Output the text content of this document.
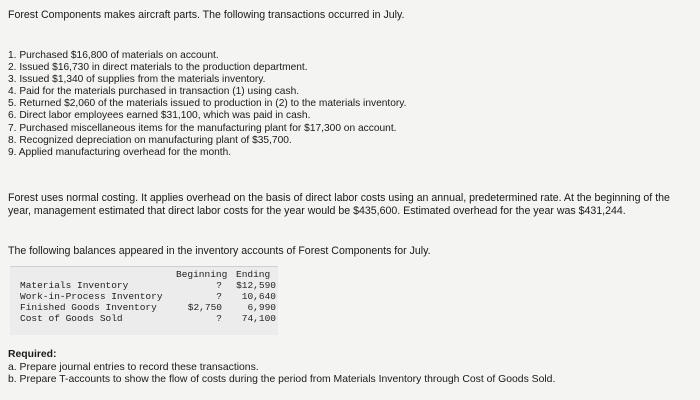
Forest Components makes aircraft parts. The following transactions occurred in July.

1. Purchased $16,800 of materials on account.
2. Issued $16,730 in direct materials to the production department.
3. Issued $1,340 of supplies from the materials inventory.
4. Paid for the materials purchased in transaction (1) using cash.
5. Returned $2,060 of the materials issued to production in (2) to the materials inventory.
6. Direct labor employees earned $31,100, which was paid in cash.
7. Purchased miscellaneous items for the manufacturing plant for $17,300 on account.
8. Recognized depreciation on manufacturing plant of $35,700.
9. Applied manufacturing overhead for the month.

Forest uses normal costing. It applies overhead on the basis of direct labor costs using an annual, predetermined rate. At the beginning of the year, management estimated that direct labor costs for the year would be $435,600. Estimated overhead for the year was $431,244.

The following balances appeared in the inventory accounts of Forest Components for July.

Beginning Ending
Materials Inventory	? $12,590
Work-in-Process Inventory	?	10,640
Finished Goods Inventory	$2,750	6,990
Cost of Goods Sold	?	74,100
Required:
a. Prepare journal entries to record these transactions.
b. Prepare T-accounts to show the flow of costs during the period from Materials Inventory through Cost of Goods Sold.
